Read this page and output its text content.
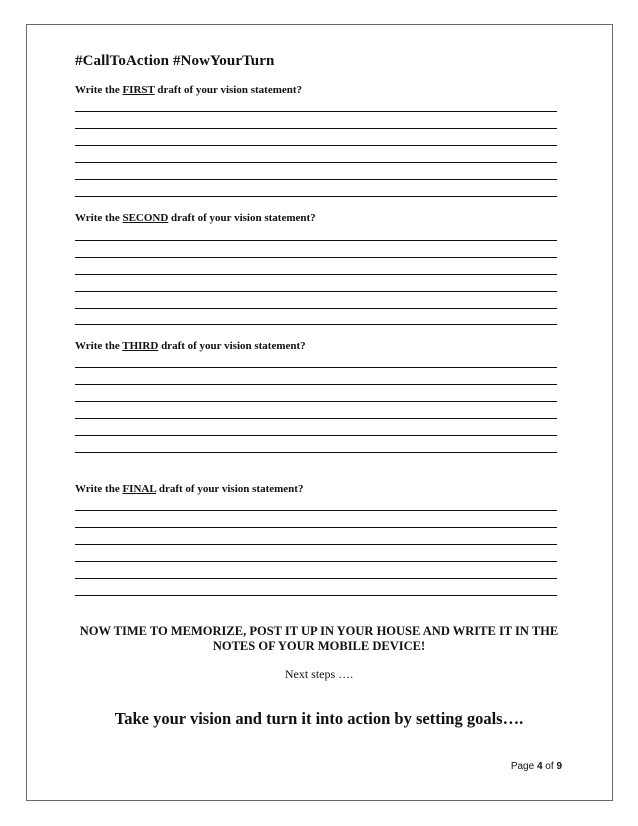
#CallToAction #NowYourTurn
Write the FIRST draft of your vision statement?
Write the SECOND draft of your vision statement?
Write the THIRD draft of your vision statement?
Write the FINAL draft of your vision statement?
NOW TIME TO MEMORIZE, POST IT UP IN YOUR HOUSE AND WRITE IT IN THE NOTES OF YOUR MOBILE DEVICE!
Next steps ….
Take your vision and turn it into action by setting goals….
Page 4 of 9
